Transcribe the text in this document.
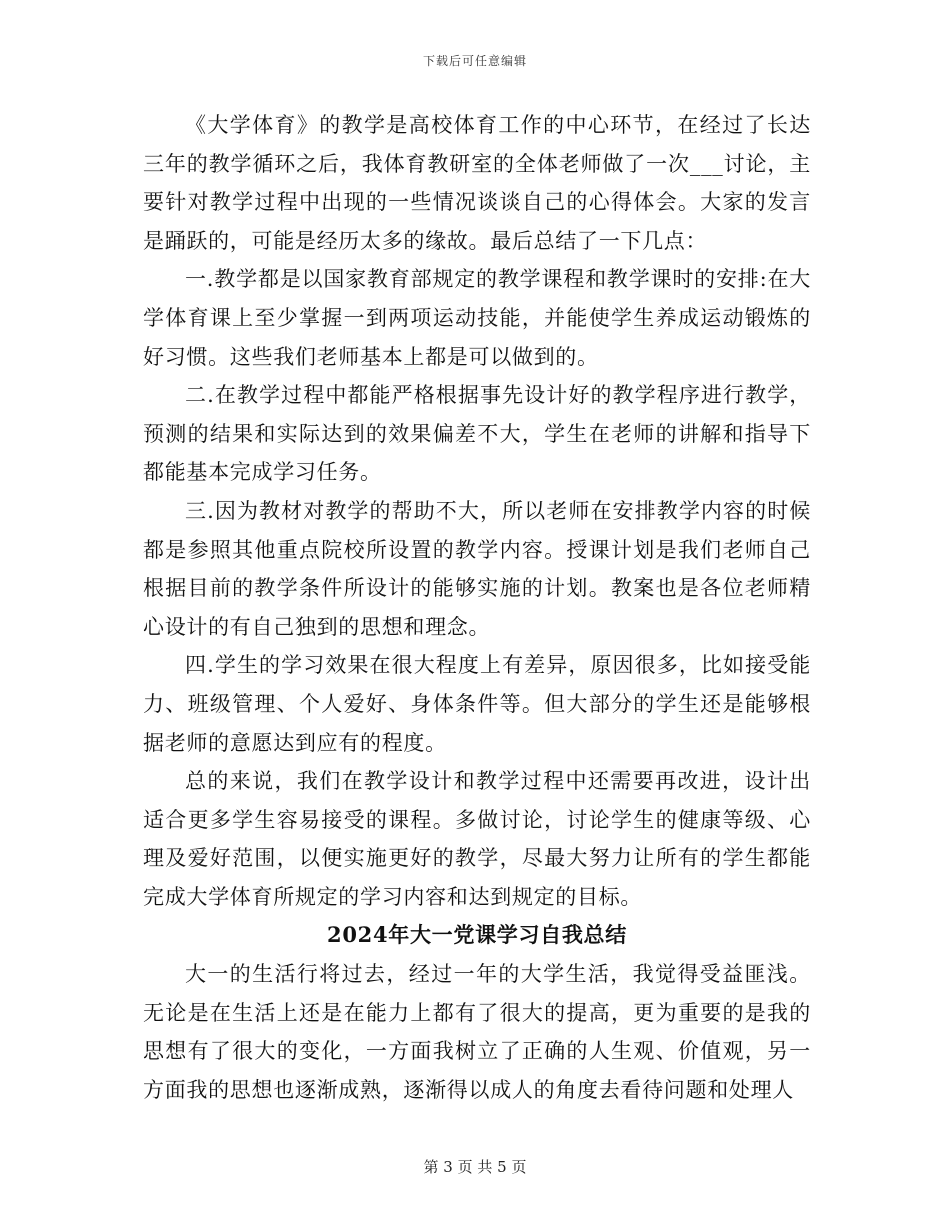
下载后可任意编辑

《大学体育》的教学是高校体育工作的中心环节，在经过了长达三年的教学循环之后，我体育教研室的全体老师做了一次___讨论，主要针对教学过程中出现的一些情况谈谈自己的心得体会。大家的发言是踊跃的，可能是经历太多的缘故。最后总结了一下几点：

一.教学都是以国家教育部规定的教学课程和教学课时的安排:在大学体育课上至少掌握一到两项运动技能，并能使学生养成运动锻炼的好习惯。这些我们老师基本上都是可以做到的。

二.在教学过程中都能严格根据事先设计好的教学程序进行教学，预测的结果和实际达到的效果偏差不大，学生在老师的讲解和指导下都能基本完成学习任务。

三.因为教材对教学的帮助不大，所以老师在安排教学内容的时候都是参照其他重点院校所设置的教学内容。授课计划是我们老师自己根据目前的教学条件所设计的能够实施的计划。教案也是各位老师精心设计的有自己独到的思想和理念。

四.学生的学习效果在很大程度上有差异，原因很多，比如接受能力、班级管理、个人爱好、身体条件等。但大部分的学生还是能够根据老师的意愿达到应有的程度。

总的来说，我们在教学设计和教学过程中还需要再改进，设计出适合更多学生容易接受的课程。多做讨论，讨论学生的健康等级、心理及爱好范围，以便实施更好的教学，尽最大努力让所有的学生都能完成大学体育所规定的学习内容和达到规定的目标。

2024年大一党课学习自我总结

大一的生活行将过去，经过一年的大学生活，我觉得受益匪浅。无论是在生活上还是在能力上都有了很大的提高，更为重要的是我的思想有了很大的变化，一方面我树立了正确的人生观、价值观，另一方面我的思想也逐渐成熟，逐渐得以成人的角度去看待问题和处理人

第 3 页 共 5 页
